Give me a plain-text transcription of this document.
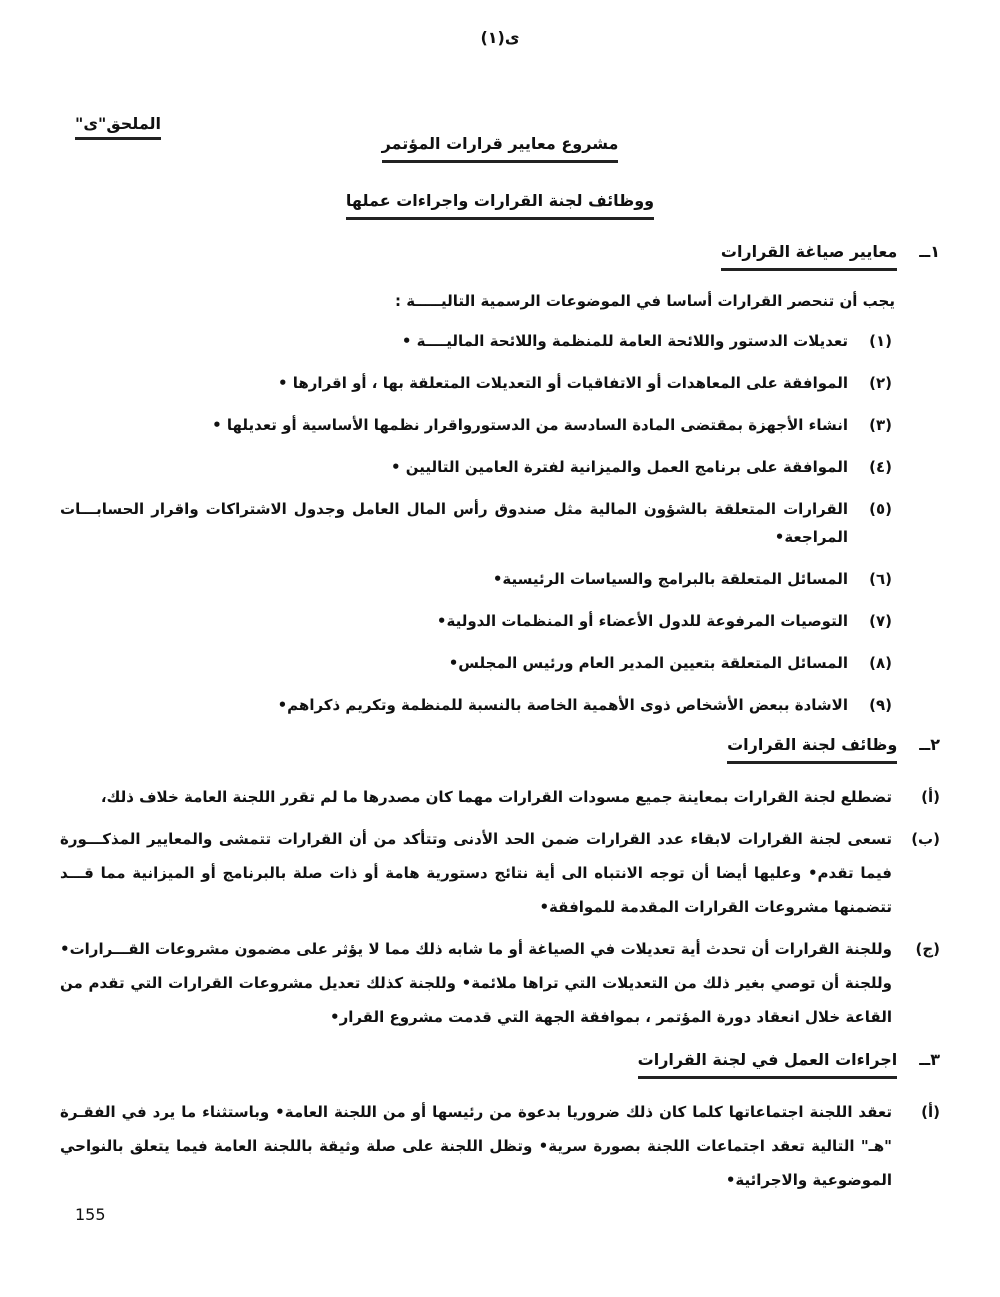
ى(١)
الملحق"ى"
مشروع معايير قرارات المؤتمر
ووظائف لجنة القرارات واجراءات عملها
١ــ
معايير صياغة القرارات
يجب أن تنحصر القرارات أساسا في الموضوعات الرسمية التاليـــــة :
(١)
تعديلات الدستور واللائحة العامة للمنظمة واللائحة الماليــــة •
(٢)
الموافقة على المعاهدات أو الاتفاقيات أو التعديلات المتعلقة بها ، أو اقرارها •
(٣)
انشاء الأجهزة بمقتضى المادة السادسة من الدستورواقرار نظمها الأساسية أو تعديلها •
(٤)
الموافقة على برنامج العمل والميزانية لفترة العامين التاليين •
(٥)
القرارات المتعلقة بالشؤون المالية مثل صندوق رأس المال العامل وجدول الاشتراكات واقرار الحسابـــات المراجعة•
(٦)
المسائل المتعلقة بالبرامج والسياسات الرئيسية•
(٧)
التوصيات المرفوعة للدول الأعضاء أو المنظمات الدولية•
(٨)
المسائل المتعلقة بتعيين المدير العام ورئيس المجلس•
(٩)
الاشادة ببعض الأشخاص ذوى الأهمية الخاصة بالنسبة للمنظمة وتكريم ذكراهم•
٢ــ
وظائف لجنة القرارات
(أ)
تضطلع لجنة القرارات بمعاينة جميع مسودات القرارات مهما كان مصدرها ما لم تقرر اللجنة العامة خلاف ذلك،
(ب)
تسعى لجنة القرارات لابقاء عدد القرارات ضمن الحد الأدنى وتتأكد من أن القرارات تتمشى والمعايير المذكـــورة فيما تقدم• وعليها أيضا أن توجه الانتباه الى أية نتائج دستورية هامة أو ذات صلة بالبرنامج أو الميزانية مما قـــد تتضمنها مشروعات القرارات المقدمة للموافقة•
(ج)
وللجنة القرارات أن تحدث أية تعديلات في الصياغة أو ما شابه ذلك مما لا يؤثر على مضمون مشروعات القـــرارات• وللجنة أن توصي بغير ذلك من التعديلات التي تراها ملائمة• وللجنة كذلك تعديل مشروعات القرارات التي تقدم من القاعة خلال انعقاد دورة المؤتمر ، بموافقة الجهة التي قدمت مشروع القرار•
٣ــ
اجراءات العمل في لجنة القرارات
(أ)
تعقد اللجنة اجتماعاتها كلما كان ذلك ضروريا بدعوة من رئيسها أو من اللجنة العامة• وباستثناء ما يرد في الفقـرة "هـ" التالية تعقد اجتماعات اللجنة بصورة سرية• وتظل اللجنة على صلة وثيقة باللجنة العامة فيما يتعلق بالنواحي الموضوعية والاجرائية•
155
